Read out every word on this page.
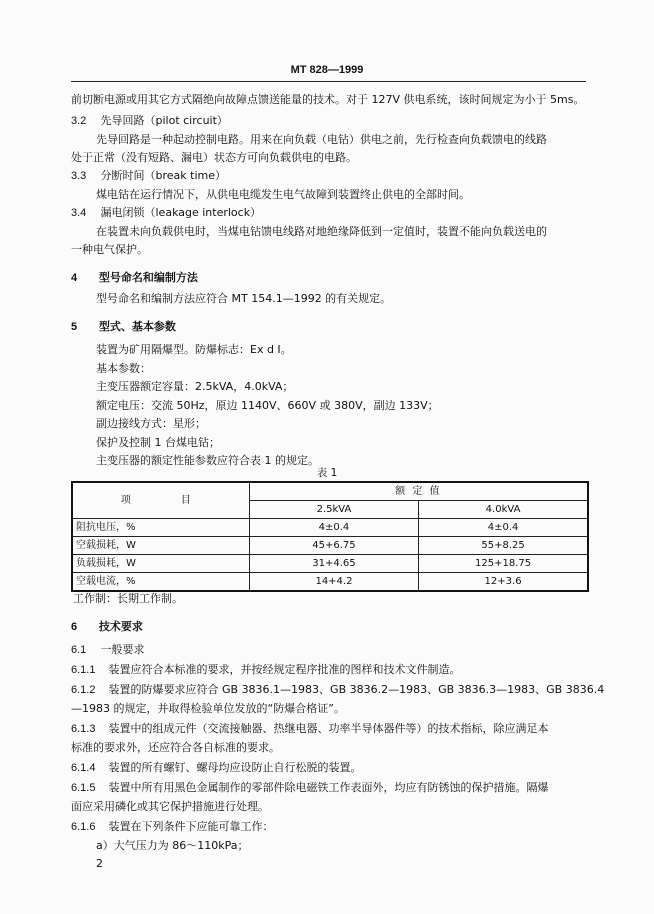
MT 828—1999
前切断电源或用其它方式隔绝向故障点馈送能量的技术。对于 127V 供电系统，该时间规定为小于 5ms。
3.2 先导回路（pilot circuit）
先导回路是一种起动控制电路。用来在向负载（电钻）供电之前，先行检查向负载馈电的线路
处于正常（没有短路、漏电）状态方可向负载供电的电路。
3.3 分断时间（break time）
煤电钻在运行情况下，从供电电缆发生电气故障到装置终止供电的全部时间。
3.4 漏电闭锁（leakage interlock）
在装置未向负载供电时，当煤电钻馈电线路对地绝缘降低到一定值时，装置不能向负载送电的
一种电气保护。
4 型号命名和编制方法
型号命名和编制方法应符合 MT 154.1—1992 的有关规定。
5 型式、基本参数
装置为矿用隔爆型。防爆标志：Ex d Ⅰ。
基本参数：
主变压器额定容量：2.5kVA，4.0kVA；
额定电压：交流 50Hz，原边 1140V、660V 或 380V，副边 133V；
副边接线方式：星形；
保护及控制 1 台煤电钻；
主变压器的额定性能参数应符合表 1 的规定。
表 1
项　　目	额 定 值	
	2.5kVA	4.0kVA
阻抗电压，%	4±0.4	4±0.4
空载损耗，W	45+6.75	55+8.25
负载损耗，W	31+4.65	125+18.75
空载电流，%	14+4.2	12+3.6
工作制：长期工作制。
6 技术要求
6.1 一般要求
6.1.1 装置应符合本标准的要求，并按经规定程序批准的图样和技术文件制造。
6.1.2 装置的防爆要求应符合 GB 3836.1—1983、GB 3836.2—1983、GB 3836.3—1983、GB 3836.4
—1983 的规定，并取得检验单位发放的“防爆合格证”。
6.1.3 装置中的组成元件（交流接触器、热继电器、功率半导体器件等）的技术指标，除应满足本
标准的要求外，还应符合各自标准的要求。
6.1.4 装置的所有螺钉、螺母均应设防止自行松脱的装置。
6.1.5 装置中所有用黑色金属制作的零部件除电磁铁工作表面外，均应有防锈蚀的保护措施。隔爆
面应采用磷化或其它保护措施进行处理。
6.1.6 装置在下列条件下应能可靠工作：
a）大气压力为 86～110kPa；
2
